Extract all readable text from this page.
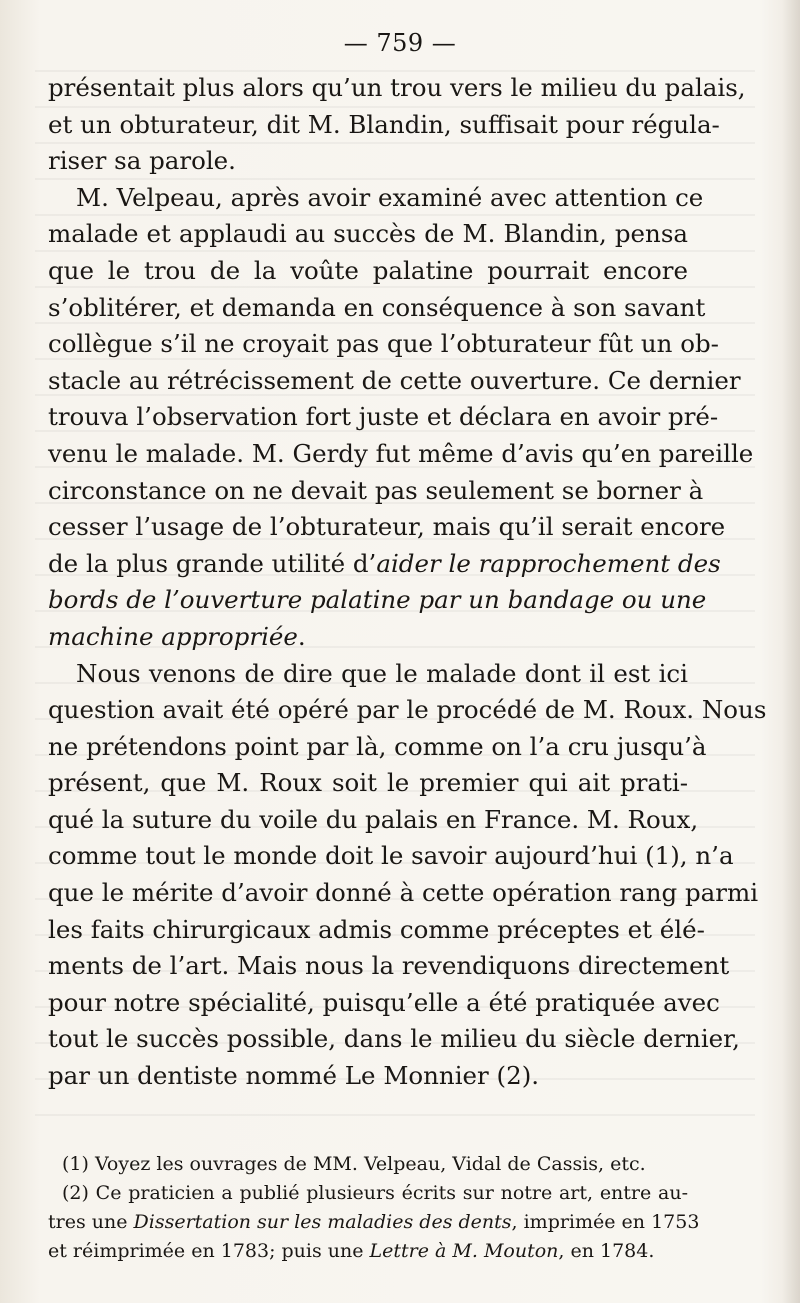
— 759 —
présentait plus alors qu’un trou vers le milieu du palais,
et un obturateur, dit M. Blandin, suffisait pour régula-
riser sa parole.
M. Velpeau, après avoir examiné avec attention ce
malade et applaudi au succès de M. Blandin, pensa
que le trou de la voûte palatine pourrait encore
s’oblitérer, et demanda en conséquence à son savant
collègue s’il ne croyait pas que l’obturateur fût un ob-
stacle au rétrécissement de cette ouverture. Ce dernier
trouva l’observation fort juste et déclara en avoir pré-
venu le malade. M. Gerdy fut même d’avis qu’en pareille
circonstance on ne devait pas seulement se borner à
cesser l’usage de l’obturateur, mais qu’il serait encore
de la plus grande utilité d’aider le rapprochement des
bords de l’ouverture palatine par un bandage ou une
machine appropriée.
Nous venons de dire que le malade dont il est ici
question avait été opéré par le procédé de M. Roux. Nous
ne prétendons point par là, comme on l’a cru jusqu’à
présent, que M. Roux soit le premier qui ait prati-
qué la suture du voile du palais en France. M. Roux,
comme tout le monde doit le savoir aujourd’hui (1), n’a
que le mérite d’avoir donné à cette opération rang parmi
les faits chirurgicaux admis comme préceptes et élé-
ments de l’art. Mais nous la revendiquons directement
pour notre spécialité, puisqu’elle a été pratiquée avec
tout le succès possible, dans le milieu du siècle dernier,
par un dentiste nommé Le Monnier (2).
(1) Voyez les ouvrages de MM. Velpeau, Vidal de Cassis, etc.
(2) Ce praticien a publié plusieurs écrits sur notre art, entre au-
tres une Dissertation sur les maladies des dents, imprimée en 1753
et réimprimée en 1783; puis une Lettre à M. Mouton, en 1784.
